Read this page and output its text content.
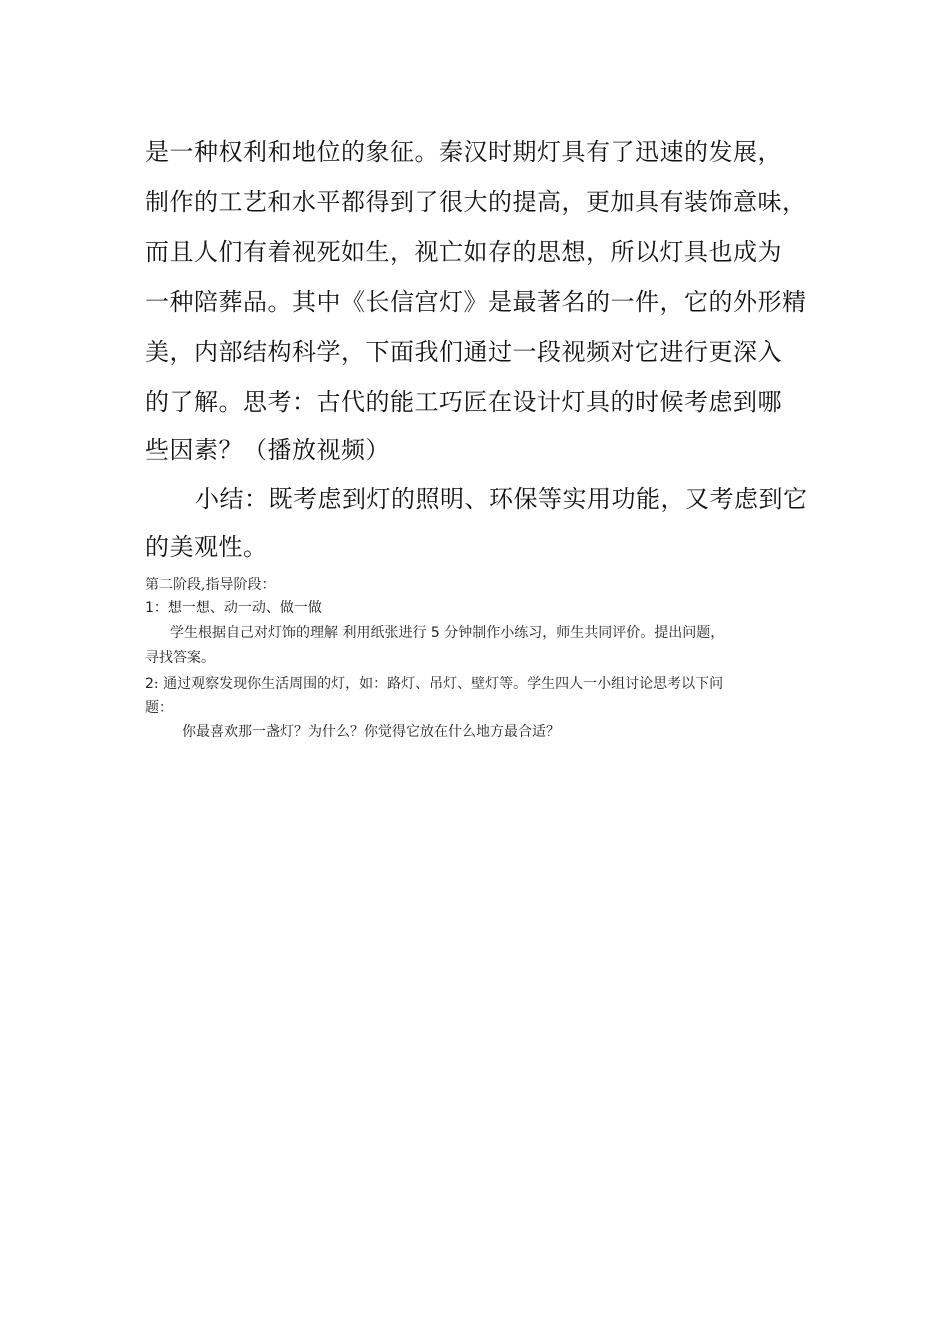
是一种权利和地位的象征。秦汉时期灯具有了迅速的发展，
制作的工艺和水平都得到了很大的提高，更加具有装饰意味，
而且人们有着视死如生，视亡如存的思想，所以灯具也成为
一种陪葬品。其中《长信宫灯》是最著名的一件，它的外形精
美，内部结构科学，下面我们通过一段视频对它进行更深入
的了解。思考：古代的能工巧匠在设计灯具的时候考虑到哪
些因素？（播放视频）
小结：既考虑到灯的照明、环保等实用功能，又考虑到它
的美观性。
第二阶段,指导阶段：
1：想一想、动一动、做一做
学生根据自己对灯饰的理解 利用纸张进行 5 分钟制作小练习，师生共同评价。提出问题，
寻找答案。
2: 通过观察发现你生活周围的灯，如：路灯、吊灯、壁灯等。学生四人一小组讨论思考以下问
题：
你最喜欢那一盏灯？为什么？你觉得它放在什么地方最合适？
